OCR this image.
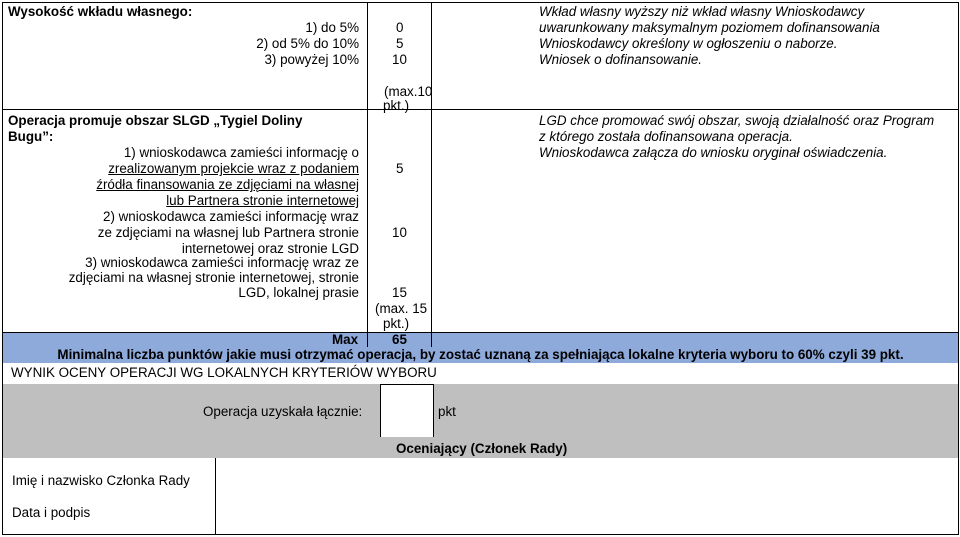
Wysokość wkładu własnego:
1) do 5%
2) od 5% do 10%
3) powyżej 10%
0
5
10
(max.10
pkt.)
Wkład własny wyższy niż wkład własny Wnioskodawcy
uwarunkowany maksymalnym poziomem dofinansowania
Wnioskodawcy określony w ogłoszeniu o naborze.
Wniosek o dofinansowanie.
Operacja promuje obszar SLGD „Tygiel Doliny
Bugu”:
1) wnioskodawca zamieści informację o
zrealizowanym projekcie wraz z podaniem
źródła finansowania ze zdjęciami na własnej
lub Partnera stronie internetowej
2) wnioskodawca zamieści informację wraz
ze zdjęciami na własnej lub Partnera stronie
internetowej oraz stronie LGD
3) wnioskodawca zamieści informację wraz ze
zdjęciami na własnej stronie internetowej, stronie
LGD, lokalnej prasie
5
10
15
(max. 15
pkt.)
LGD chce promować swój obszar, swoją działalność oraz Program
z którego została dofinansowana operacja.
Wnioskodawca załącza do wniosku oryginał oświadczenia.
Max	65
Minimalna liczba punktów jakie musi otrzymać operacja, by zostać uznaną za spełniająca lokalne kryteria wyboru to 60% czyli 39 pkt.
WYNIK OCENY OPERACJI WG LOKALNYCH KRYTERIÓW WYBORU
Operacja uzyskała łącznie:	pkt
Oceniający (Członek Rady)
Imię i nazwisko Członka Rady
Data i podpis
